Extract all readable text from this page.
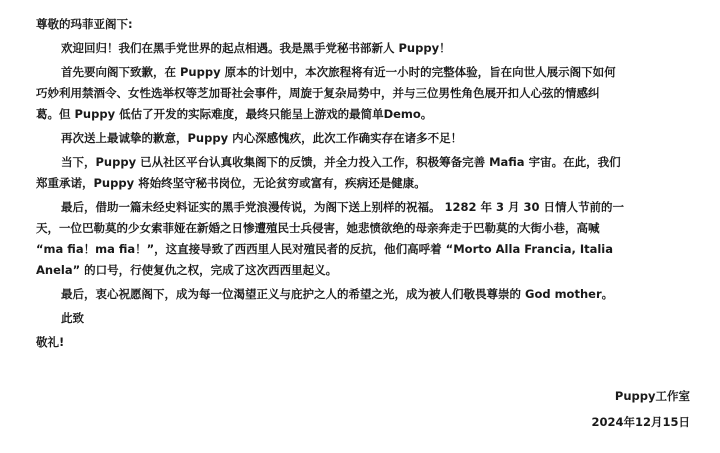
尊敬的玛菲亚阁下:
欢迎回归！我们在黑手党世界的起点相遇。我是黑手党秘书部新人 Puppy！
首先要向阁下致歉，在 Puppy 原本的计划中，本次旅程将有近一小时的完整体验，旨在向世人展示阁下如何
巧妙利用禁酒令、女性选举权等芝加哥社会事件，周旋于复杂局势中，并与三位男性角色展开扣人心弦的情感纠
葛。但 Puppy 低估了开发的实际难度，最终只能呈上游戏的最简单Demo。
再次送上最诚挚的歉意，Puppy 内心深感愧疚，此次工作确实存在诸多不足！
当下，Puppy 已从社区平台认真收集阁下的反馈，并全力投入工作，积极筹备完善 Mafia 宇宙。在此，我们
郑重承诺，Puppy 将始终坚守秘书岗位，无论贫穷或富有，疾病还是健康。
最后，借助一篇未经史料证实的黑手党浪漫传说，为阁下送上别样的祝福。 1282 年 3 月 30 日情人节前的一
天，一位巴勒莫的少女索菲娅在新婚之日惨遭殖民士兵侵害，她悲愤欲绝的母亲奔走于巴勒莫的大街小巷，高喊
“ma fia！ma fia！”，这直接导致了西西里人民对殖民者的反抗，他们高呼着 “Morto Alla Francia, Italia
Anela” 的口号，行使复仇之权，完成了这次西西里起义。
最后，衷心祝愿阁下，成为每一位渴望正义与庇护之人的希望之光，成为被人们敬畏尊崇的 God mother。
此致
敬礼!
Puppy工作室
2024年12月15日
